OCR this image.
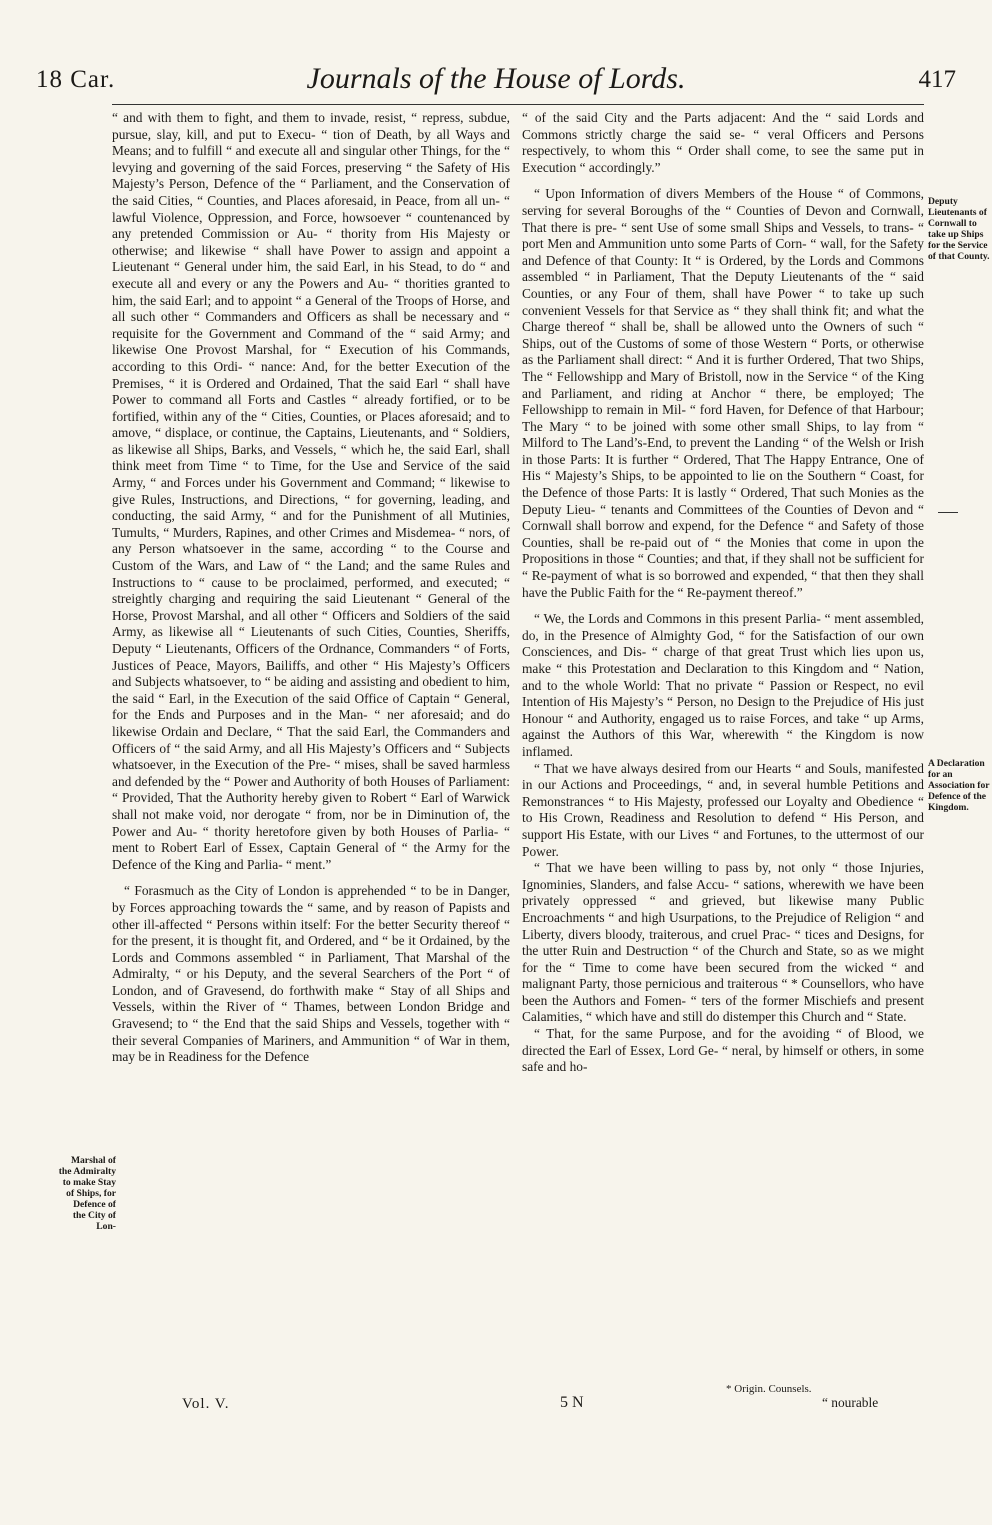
18 Car.	Journals of the House of Lords.	417

“ and with them to fight, and them to invade, resist, “ repress, subdue, pursue, slay, kill, and put to Execu- “ tion of Death, by all Ways and Means; and to fulfill “ and execute all and singular other Things, for the “ levying and governing of the said Forces, preserving “ the Safety of His Majesty’s Person, Defence of the “ Parliament, and the Conservation of the said Cities, “ Counties, and Places aforesaid, in Peace, from all un- “ lawful Violence, Oppression, and Force, howsoever “ countenanced by any pretended Commission or Au- “ thority from His Majesty or otherwise; and likewise “ shall have Power to assign and appoint a Lieutenant “ General under him, the said Earl, in his Stead, to do “ and execute all and every or any the Powers and Au- “ thorities granted to him, the said Earl; and to appoint “ a General of the Troops of Horse, and all such other “ Commanders and Officers as shall be necessary and “ requisite for the Government and Command of the “ said Army; and likewise One Provost Marshal, for “ Execution of his Commands, according to this Ordi- “ nance: And, for the better Execution of the Premises, “ it is Ordered and Ordained, That the said Earl “ shall have Power to command all Forts and Castles “ already fortified, or to be fortified, within any of the “ Cities, Counties, or Places aforesaid; and to amove, “ displace, or continue, the Captains, Lieutenants, and “ Soldiers, as likewise all Ships, Barks, and Vessels, “ which he, the said Earl, shall think meet from Time “ to Time, for the Use and Service of the said Army, “ and Forces under his Government and Command; “ likewise to give Rules, Instructions, and Directions, “ for governing, leading, and conducting, the said Army, “ and for the Punishment of all Mutinies, Tumults, “ Murders, Rapines, and other Crimes and Misdemea- “ nors, of any Person whatsoever in the same, according “ to the Course and Custom of the Wars, and Law of “ the Land; and the same Rules and Instructions to “ cause to be proclaimed, performed, and executed; “ streightly charging and requiring the said Lieutenant “ General of the Horse, Provost Marshal, and all other “ Officers and Soldiers of the said Army, as likewise all “ Lieutenants of such Cities, Counties, Sheriffs, Deputy “ Lieutenants, Officers of the Ordnance, Commanders “ of Forts, Justices of Peace, Mayors, Bailiffs, and other “ His Majesty’s Officers and Subjects whatsoever, to “ be aiding and assisting and obedient to him, the said “ Earl, in the Execution of the said Office of Captain “ General, for the Ends and Purposes and in the Man- “ ner aforesaid; and do likewise Ordain and Declare, “ That the said Earl, the Commanders and Officers of “ the said Army, and all His Majesty’s Officers and “ Subjects whatsoever, in the Execution of the Pre- “ mises, shall be saved harmless and defended by the “ Power and Authority of both Houses of Parliament: “ Provided, That the Authority hereby given to Robert “ Earl of Warwick shall not make void, nor derogate “ from, nor be in Diminution of, the Power and Au- “ thority heretofore given by both Houses of Parlia- “ ment to Robert Earl of Essex, Captain General of “ the Army for the Defence of the King and Parlia- “ ment.”

“ Forasmuch as the City of London is apprehended “ to be in Danger, by Forces approaching towards the “ same, and by reason of Papists and other ill-affected “ Persons within itself: For the better Security thereof “ for the present, it is thought fit, and Ordered, and “ be it Ordained, by the Lords and Commons assembled “ in Parliament, That Marshal of the Admiralty, “ or his Deputy, and the several Searchers of the Port “ of London, and of Gravesend, do forthwith make “ Stay of all Ships and Vessels, within the River of “ Thames, between London Bridge and Gravesend; to “ the End that the said Ships and Vessels, together with “ their several Companies of Mariners, and Ammunition “ of War in them, may be in Readiness for the Defence

“ of the said City and the Parts adjacent: And the “ said Lords and Commons strictly charge the said se- “ veral Officers and Persons respectively, to whom this “ Order shall come, to see the same put in Execution “ accordingly.”

“ Upon Information of divers Members of the House “ of Commons, serving for several Boroughs of the “ Counties of Devon and Cornwall, That there is pre- “ sent Use of some small Ships and Vessels, to trans- “ port Men and Ammunition unto some Parts of Corn- “ wall, for the Safety and Defence of that County: It “ is Ordered, by the Lords and Commons assembled “ in Parliament, That the Deputy Lieutenants of the “ said Counties, or any Four of them, shall have Power “ to take up such convenient Vessels for that Service as “ they shall think fit; and what the Charge thereof “ shall be, shall be allowed unto the Owners of such “ Ships, out of the Customs of some of those Western “ Ports, or otherwise as the Parliament shall direct: “ And it is further Ordered, That two Ships, The “ Fellowshipp and Mary of Bristoll, now in the Service “ of the King and Parliament, and riding at Anchor “ there, be employed; The Fellowshipp to remain in Mil- “ ford Haven, for Defence of that Harbour; The Mary “ to be joined with some other small Ships, to lay from “ Milford to The Land’s-End, to prevent the Landing “ of the Welsh or Irish in those Parts: It is further “ Ordered, That The Happy Entrance, One of His “ Majesty’s Ships, to be appointed to lie on the Southern “ Coast, for the Defence of those Parts: It is lastly “ Ordered, That such Monies as the Deputy Lieu- “ tenants and Committees of the Counties of Devon and “ Cornwall shall borrow and expend, for the Defence “ and Safety of those Counties, shall be re-paid out of “ the Monies that come in upon the Propositions in those “ Counties; and that, if they shall not be sufficient for “ Re-payment of what is so borrowed and expended, “ that then they shall have the Public Faith for the “ Re-payment thereof.”

“ We, the Lords and Commons in this present Parlia- “ ment assembled, do, in the Presence of Almighty God, “ for the Satisfaction of our own Consciences, and Dis- “ charge of that great Trust which lies upon us, make “ this Protestation and Declaration to this Kingdom and “ Nation, and to the whole World: That no private “ Passion or Respect, no evil Intention of His Majesty’s “ Person, no Design to the Prejudice of His just Honour “ and Authority, engaged us to raise Forces, and take “ up Arms, against the Authors of this War, wherewith “ the Kingdom is now inflamed.

“ That we have always desired from our Hearts “ and Souls, manifested in our Actions and Proceedings, “ and, in several humble Petitions and Remonstrances “ to His Majesty, professed our Loyalty and Obedience “ to His Crown, Readiness and Resolution to defend “ His Person, and support His Estate, with our Lives “ and Fortunes, to the uttermost of our Power.

“ That we have been willing to pass by, not only “ those Injuries, Ignominies, Slanders, and false Accu- “ sations, wherewith we have been privately oppressed “ and grieved, but likewise many Public Encroachments “ and high Usurpations, to the Prejudice of Religion “ and Liberty, divers bloody, traiterous, and cruel Prac- “ tices and Designs, for the utter Ruin and Destruction “ of the Church and State, so as we might for the “ Time to come have been secured from the wicked “ and malignant Party, those pernicious and traiterous “ * Counsellors, who have been the Authors and Fomen- “ ters of the former Mischiefs and present Calamities, “ which have and still do distemper this Church and “ State.

“ That, for the same Purpose, and for the avoiding “ of Blood, we directed the Earl of Essex, Lord Ge- “ neral, by himself or others, in some safe and ho-

Marshal of the Admiralty to make Stay of Ships, for Defence of the City of Lon-
Deputy Lieutenants of Cornwall to take up Ships for the Service of that County.
A Declaration for an Association for Defence of the Kingdom.
Vol. V.	5 N
* Origin. Counsels.
“ nourable
